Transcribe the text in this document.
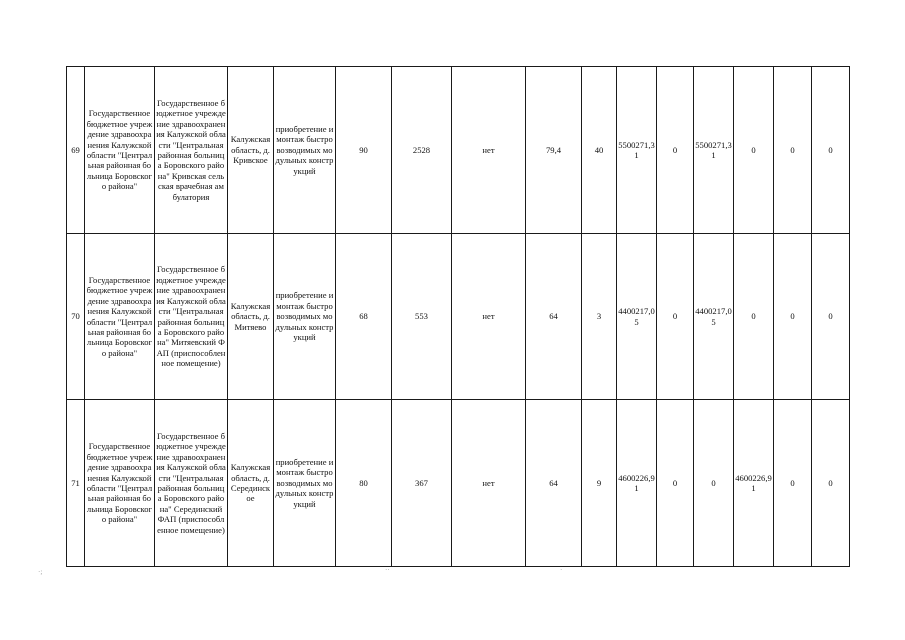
69	Государственное бюджетное учреждение здравоохранения Калужской области "Центральная районная больница Боровского района"	Государственное бюджетное учреждение здравоохранения Калужской области "Центральная районная больница Боровского района" Кривская сельская врачебная амбулатория	Калужская область, д. Кривское	приобретение и монтаж быстровозводимых модульных конструкций	90	2528	нет	79,4	40	5500271,31	0	5500271,31	0	0	0
70	Государственное бюджетное учреждение здравоохранения Калужской области "Центральная районная больница Боровского района"	Государственное бюджетное учреждение здравоохранения Калужской области "Центральная районная больница Боровского района" Митяевский ФАП (приспособленное помещение)	Калужская область, д. Митяево	приобретение и монтаж быстровозводимых модульных конструкций	68	553	нет	64	3	4400217,05	0	4400217,05	0	0	0
71	Государственное бюджетное учреждение здравоохранения Калужской области "Центральная районная больница Боровского района"	Государственное бюджетное учреждение здравоохранения Калужской области "Центральная районная больница Боровского района" Серединский ФАП (приспособленное помещение)	Калужская область, д. Серединское	приобретение и монтаж быстровозводимых модульных конструкций	80	367	нет	64	9	4600226,91	0	0	4600226,91	0	0
·;	··	·
